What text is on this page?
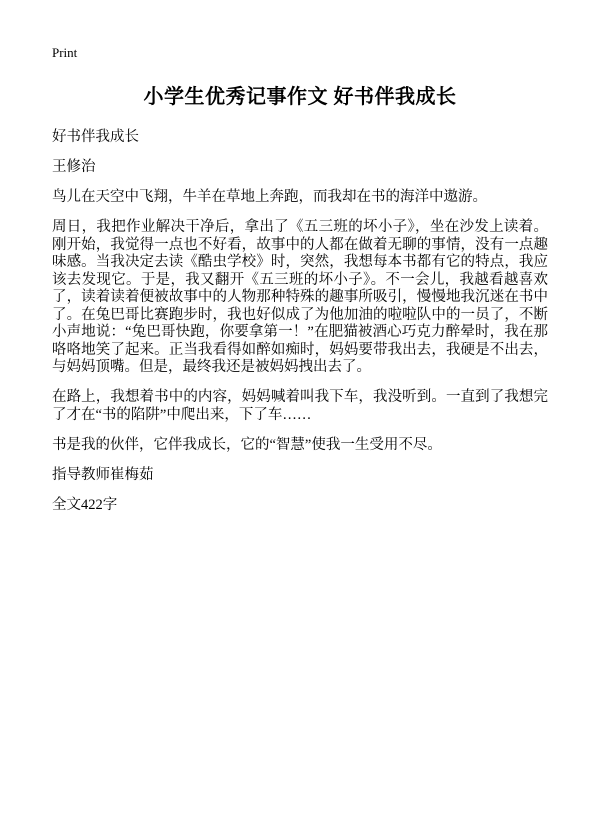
Print
小学生优秀记事作文 好书伴我成长

好书伴我成长

王修治

鸟儿在天空中飞翔，牛羊在草地上奔跑，而我却在书的海洋中遨游。

周日，我把作业解决干净后，拿出了《五三班的坏小子》，坐在沙发上读着。刚开始，我觉得一点也不好看，故事中的人都在做着无聊的事情，没有一点趣味感。当我决定去读《酷虫学校》时，突然，我想每本书都有它的特点，我应该去发现它。于是，我又翻开《五三班的坏小子》。不一会儿，我越看越喜欢了，读着读着便被故事中的人物那种特殊的趣事所吸引，慢慢地我沉迷在书中了。在兔巴哥比赛跑步时，我也好似成了为他加油的啦啦队中的一员了，不断小声地说：“兔巴哥快跑，你要拿第一！”在肥猫被酒心巧克力醉晕时，我在那咯咯地笑了起来。正当我看得如醉如痴时，妈妈要带我出去，我硬是不出去，与妈妈顶嘴。但是，最终我还是被妈妈拽出去了。

在路上，我想着书中的内容，妈妈喊着叫我下车，我没听到。一直到了我想完了才在“书的陷阱”中爬出来，下了车……

书是我的伙伴，它伴我成长，它的“智慧”使我一生受用不尽。

指导教师崔梅茹

全文422字
